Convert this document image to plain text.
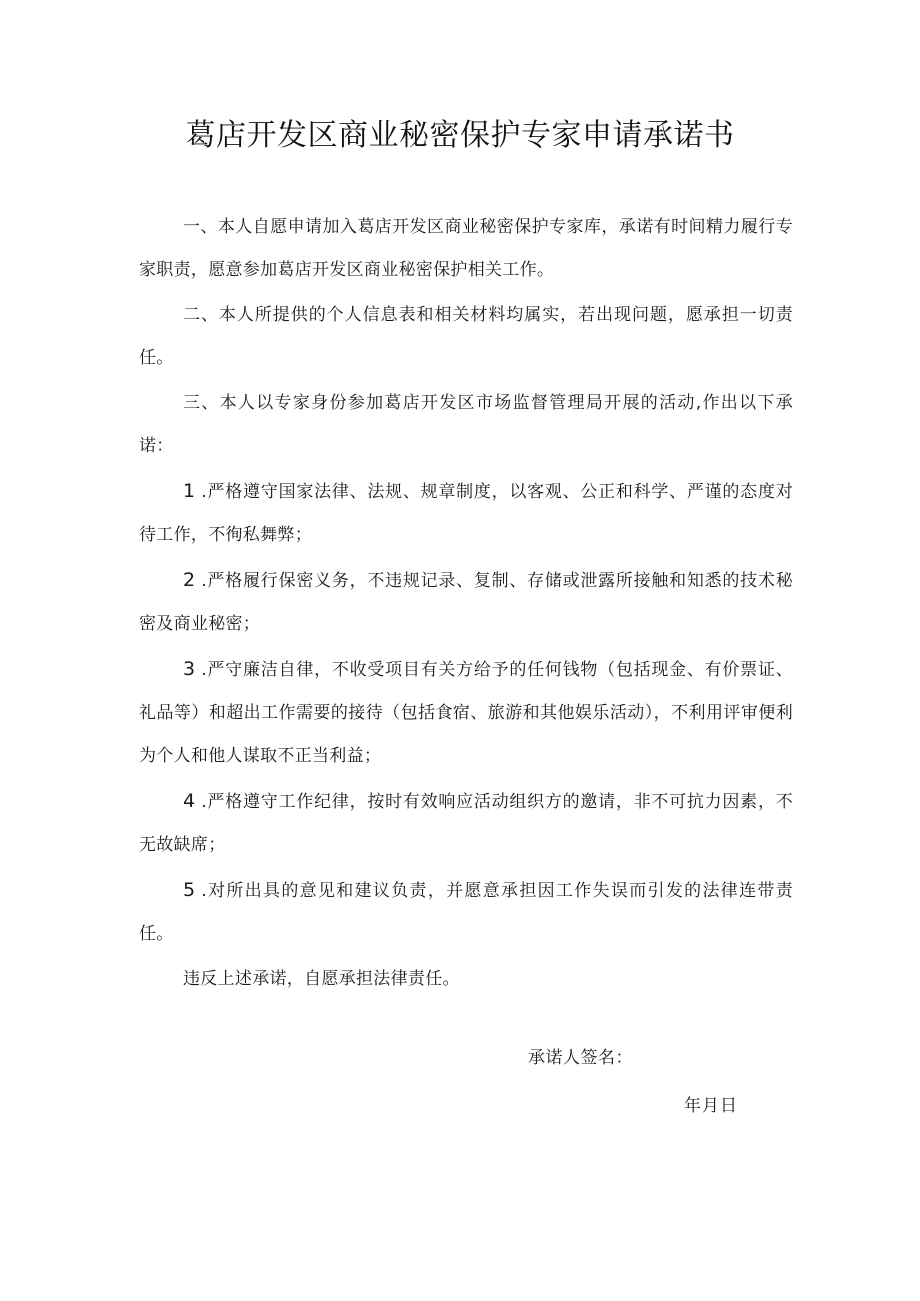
葛店开发区商业秘密保护专家申请承诺书

一、本人自愿申请加入葛店开发区商业秘密保护专家库，承诺有时间精力履行专家职责，愿意参加葛店开发区商业秘密保护相关工作。

二、本人所提供的个人信息表和相关材料均属实，若出现问题，愿承担一切责任。

三、本人以专家身份参加葛店开发区市场监督管理局开展的活动,作出以下承诺：

1 .严格遵守国家法律、法规、规章制度，以客观、公正和科学、严谨的态度对待工作，不徇私舞弊；

2 .严格履行保密义务，不违规记录、复制、存储或泄露所接触和知悉的技术秘密及商业秘密；

3 .严守廉洁自律，不收受项目有关方给予的任何钱物（包括现金、有价票证、礼品等）和超出工作需要的接待（包括食宿、旅游和其他娱乐活动），不利用评审便利为个人和他人谋取不正当利益；

4 .严格遵守工作纪律，按时有效响应活动组织方的邀请，非不可抗力因素，不无故缺席；

5 .对所出具的意见和建议负责，并愿意承担因工作失误而引发的法律连带责任。

违反上述承诺，自愿承担法律责任。

承诺人签名：
年月日
